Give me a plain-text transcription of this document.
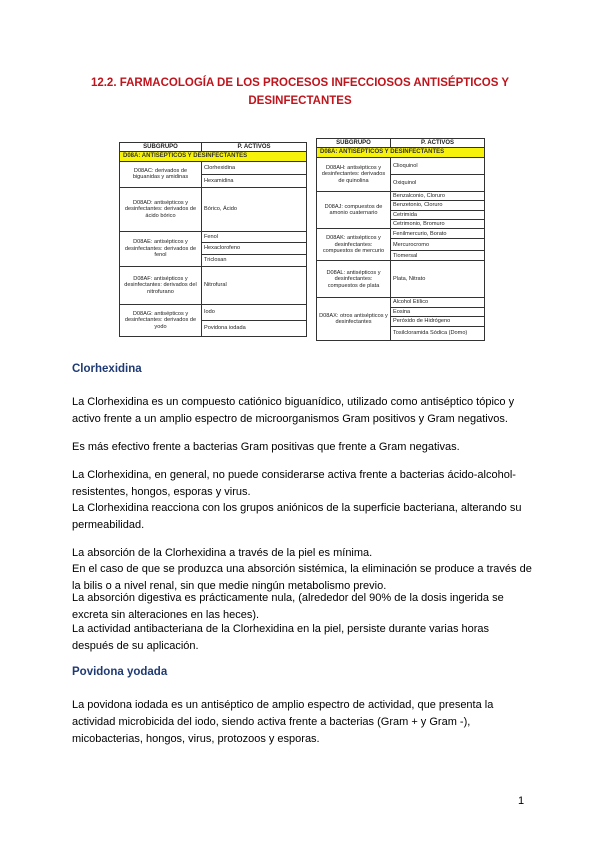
12.2. FARMACOLOGÍA DE LOS PROCESOS INFECCIOSOS ANTISÉPTICOS Y DESINFECTANTES
SUBGRUPO	P. ACTIVOS
D08A: ANTISÉPTICOS Y DESINFECTANTES	
D08AC: derivados de biguanidas y amidinas	Clorhexidina
	Hexamidina
D08AD: antisépticos y desinfectantes: derivados de ácido bórico	Bórico, Ácido
D08AE: antisépticos y desinfectantes: derivados de fenol	Fenol
	Hexaclorofeno
	Triclosan
D08AF: antisépticos y desinfectantes: derivados del nitrofurano	Nitrofural
D08AG: antisépticos y desinfectantes: derivados de yodo	Iodo
	Povidona iodada
SUBGRUPO	P. ACTIVOS
D08A: ANTISÉPTICOS Y DESINFECTANTES	
D08AH: antisépticos y desinfectantes: derivados de quinolina	Clioquinol
	Oxiquinol
D08AJ: compuestos de amonio cuaternario	Benzalconio, Cloruro
	Benzetonio, Cloruro
	Cetrimida
	Cetrimonio, Bromuro
D08AK: antisépticos y desinfectantes: compuestos de mercurio	Fenilmercurio, Borato
	Mercurocromo
	Tiomersal
D08AL: antisépticos y desinfectantes: compuestos de plata	Plata, Nitrato
D08AX: otros antisépticos y desinfectantes	Alcohol Etílico
	Eosina
	Peróxido de Hidrógeno
	Tosilcloramida Sódica (Domo)
Clorhexidina

La Clorhexidina es un compuesto catiónico biguanídico, utilizado como antiséptico tópico y activo frente a un amplio espectro de microorganismos Gram positivos y Gram negativos.

Es más efectivo frente a bacterias Gram positivas que frente a Gram negativas.

La Clorhexidina, en general, no puede considerarse activa frente a bacterias ácido-alcohol-resistentes, hongos, esporas y virus.

La Clorhexidina reacciona con los grupos aniónicos de la superficie bacteriana, alterando su permeabilidad.

La absorción de la Clorhexidina a través de la piel es mínima.

En el caso de que se produzca una absorción sistémica, la eliminación se produce a través de la bilis o a nivel renal, sin que medie ningún metabolismo previo.

La absorción digestiva es prácticamente nula, (alrededor del 90% de la dosis ingerida se excreta sin alteraciones en las heces).

La actividad antibacteriana de la Clorhexidina en la piel, persiste durante varias horas después de su aplicación.

Povidona yodada

La povidona iodada es un antiséptico de amplio espectro de actividad, que presenta la actividad microbicida del iodo, siendo activa frente a bacterias (Gram + y Gram -), micobacterias, hongos, virus, protozoos y esporas.

1
